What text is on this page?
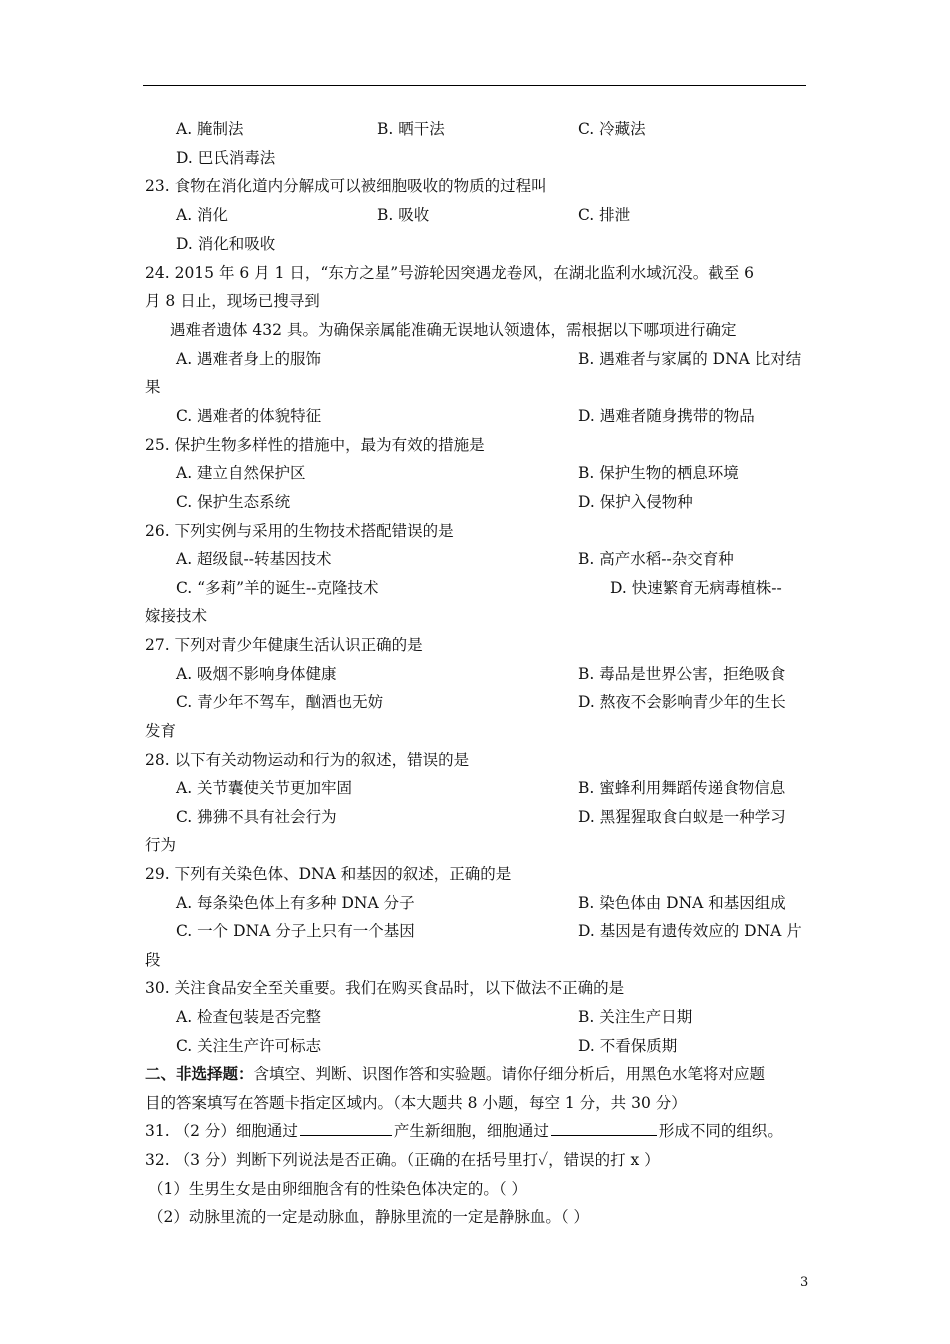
A. 腌制法	B. 晒干法	C. 冷藏法
D. 巴氏消毒法
23. 食物在消化道内分解成可以被细胞吸收的物质的过程叫
A. 消化	B. 吸收	C. 排泄
D. 消化和吸收
24. 2015 年 6 月 1 日，“东方之星”号游轮因突遇龙卷风，在湖北监利水域沉没。截至 6
月 8 日止，现场已搜寻到
遇难者遗体 432 具。为确保亲属能准确无误地认领遗体，需根据以下哪项进行确定
A. 遇难者身上的服饰	B. 遇难者与家属的 DNA 比对结
果
C. 遇难者的体貌特征	D. 遇难者随身携带的物品
25. 保护生物多样性的措施中，最为有效的措施是
A. 建立自然保护区	B. 保护生物的栖息环境
C. 保护生态系统	D. 保护入侵物种
26. 下列实例与采用的生物技术搭配错误的是
A. 超级鼠--转基因技术	B. 高产水稻--杂交育种
C. “多莉”羊的诞生--克隆技术	D. 快速繁育无病毒植株--
嫁接技术
27. 下列对青少年健康生活认识正确的是
A. 吸烟不影响身体健康	B. 毒品是世界公害，拒绝吸食
C. 青少年不驾车，酗酒也无妨	D. 熬夜不会影响青少年的生长
发育
28. 以下有关动物运动和行为的叙述，错误的是
A. 关节囊使关节更加牢固	B. 蜜蜂利用舞蹈传递食物信息
C. 狒狒不具有社会行为	D. 黑猩猩取食白蚁是一种学习
行为
29. 下列有关染色体、DNA 和基因的叙述，正确的是
A. 每条染色体上有多种 DNA 分子	B. 染色体由 DNA 和基因组成
C. 一个 DNA 分子上只有一个基因	D. 基因是有遗传效应的 DNA 片
段
30. 关注食品安全至关重要。我们在购买食品时，以下做法不正确的是
A. 检查包装是否完整	B. 关注生产日期
C. 关注生产许可标志	D. 不看保质期
二、非选择题：含填空、判断、识图作答和实验题。请你仔细分析后，用黑色水笔将对应题
目的答案填写在答题卡指定区域内。（本大题共 8 小题，每空 1 分，共 30 分）
31. （2 分）细胞通过	产生新细胞，细胞通过	形成不同的组织。
32. （3 分）判断下列说法是否正确。（正确的在括号里打✓，错误的打 x ）
（1）生男生女是由卵细胞含有的性染色体决定的。（ ）
（2）动脉里流的一定是动脉血，静脉里流的一定是静脉血。（ ）
3
